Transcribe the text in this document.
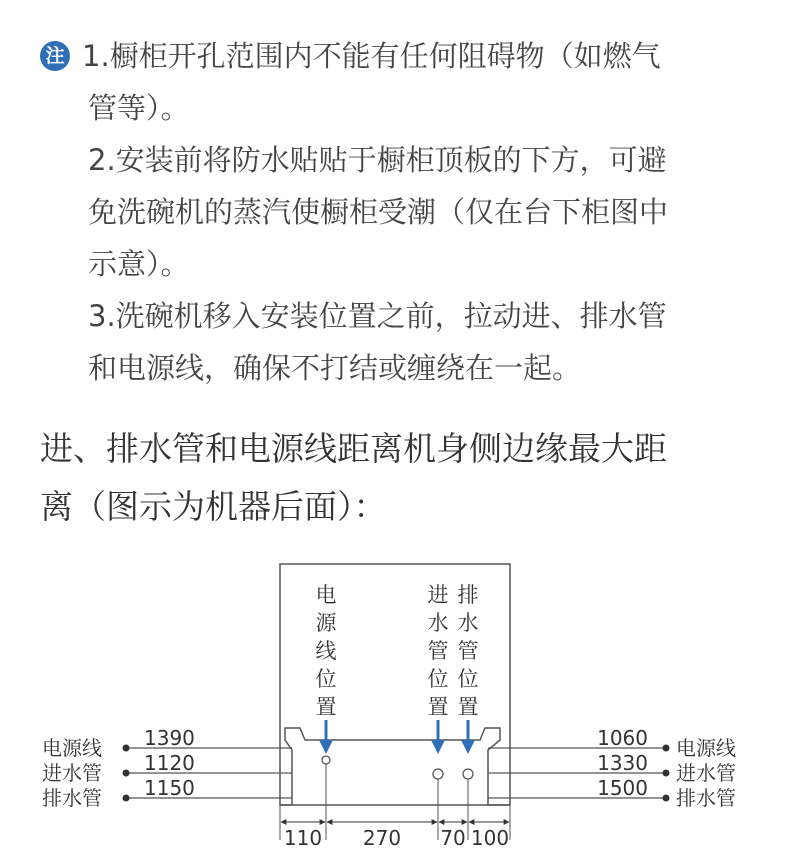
注 1.橱柜开孔范围内不能有任何阻碍物（如燃气
管等）。
2.安装前将防水贴贴于橱柜顶板的下方，可避
免洗碗机的蒸汽使橱柜受潮（仅在台下柜图中
示意）。
3.洗碗机移入安装位置之前，拉动进、排水管
和电源线，确保不打结或缠绕在一起。
进、排水管和电源线距离机身侧边缘最大距
离（图示为机器后面）：
电
源
线
位
置
进
水
管
位
置
排
水
管
位
置
电源线
进水管
排水管
1390
1120
1150
电源线
进水管
排水管
1060
1330
1500
110 270 70 100
